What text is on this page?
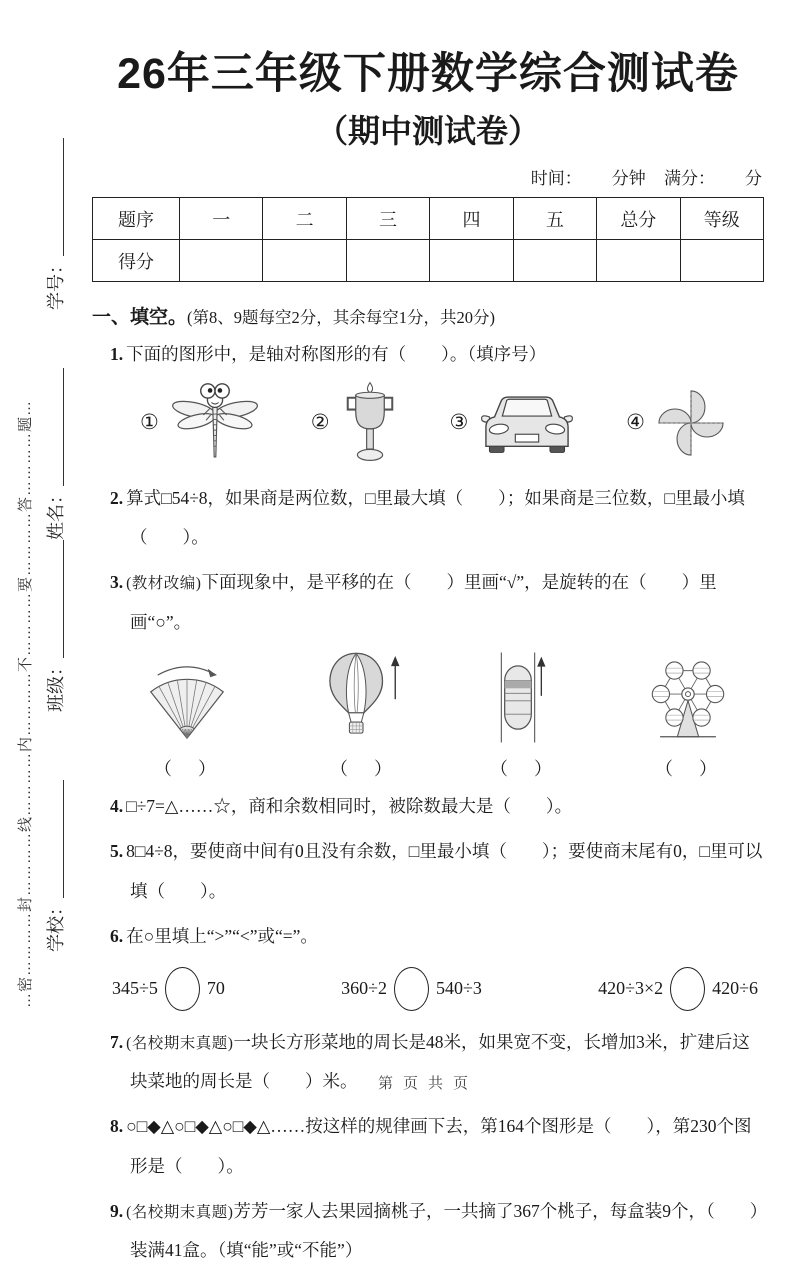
…密…………封…………线…………内…………不…………要…………答…………题…
学号：
姓名：
班级：
学校：
26年三年级下册数学综合测试卷
（期中测试卷）
时间： 分钟 满分： 分
题序	一	二	三	四	五	总分	等级
得分							
一、填空。(第8、9题每空2分，其余每空1分，共20分)
1. 下面的图形中，是轴对称图形的有（　　）。（填序号）
①	②	③	④
2. 算式□54÷8，如果商是两位数，□里最大填（　　）；如果商是三位数，□里最小填（　　）。
3. (教材改编)下面现象中，是平移的在（　　）里画“√”，是旋转的在（　　）里画“○”。
（　）	（　）	（　）	（　）
4. □÷7=△……☆，商和余数相同时，被除数最大是（　　）。
5. 8□4÷8，要使商中间有0且没有余数，□里最小填（　　）；要使商末尾有0，□里可以填（　　）。
6. 在○里填上“>”“<”或“=”。
345÷5	70	360÷2	540÷3	420÷3×2	420÷6
7. (名校期末真题)一块长方形菜地的周长是48米，如果宽不变，长增加3米，扩建后这块菜地的周长是（　　）米。
8. ○□◆△○□◆△○□◆△……按这样的规律画下去，第164个图形是（　　），第230个图形是（　　）。
9. (名校期末真题)芳芳一家人去果园摘桃子，一共摘了367个桃子，每盒装9个，（　　）装满41盒。（填“能”或“不能”）
第页共页
